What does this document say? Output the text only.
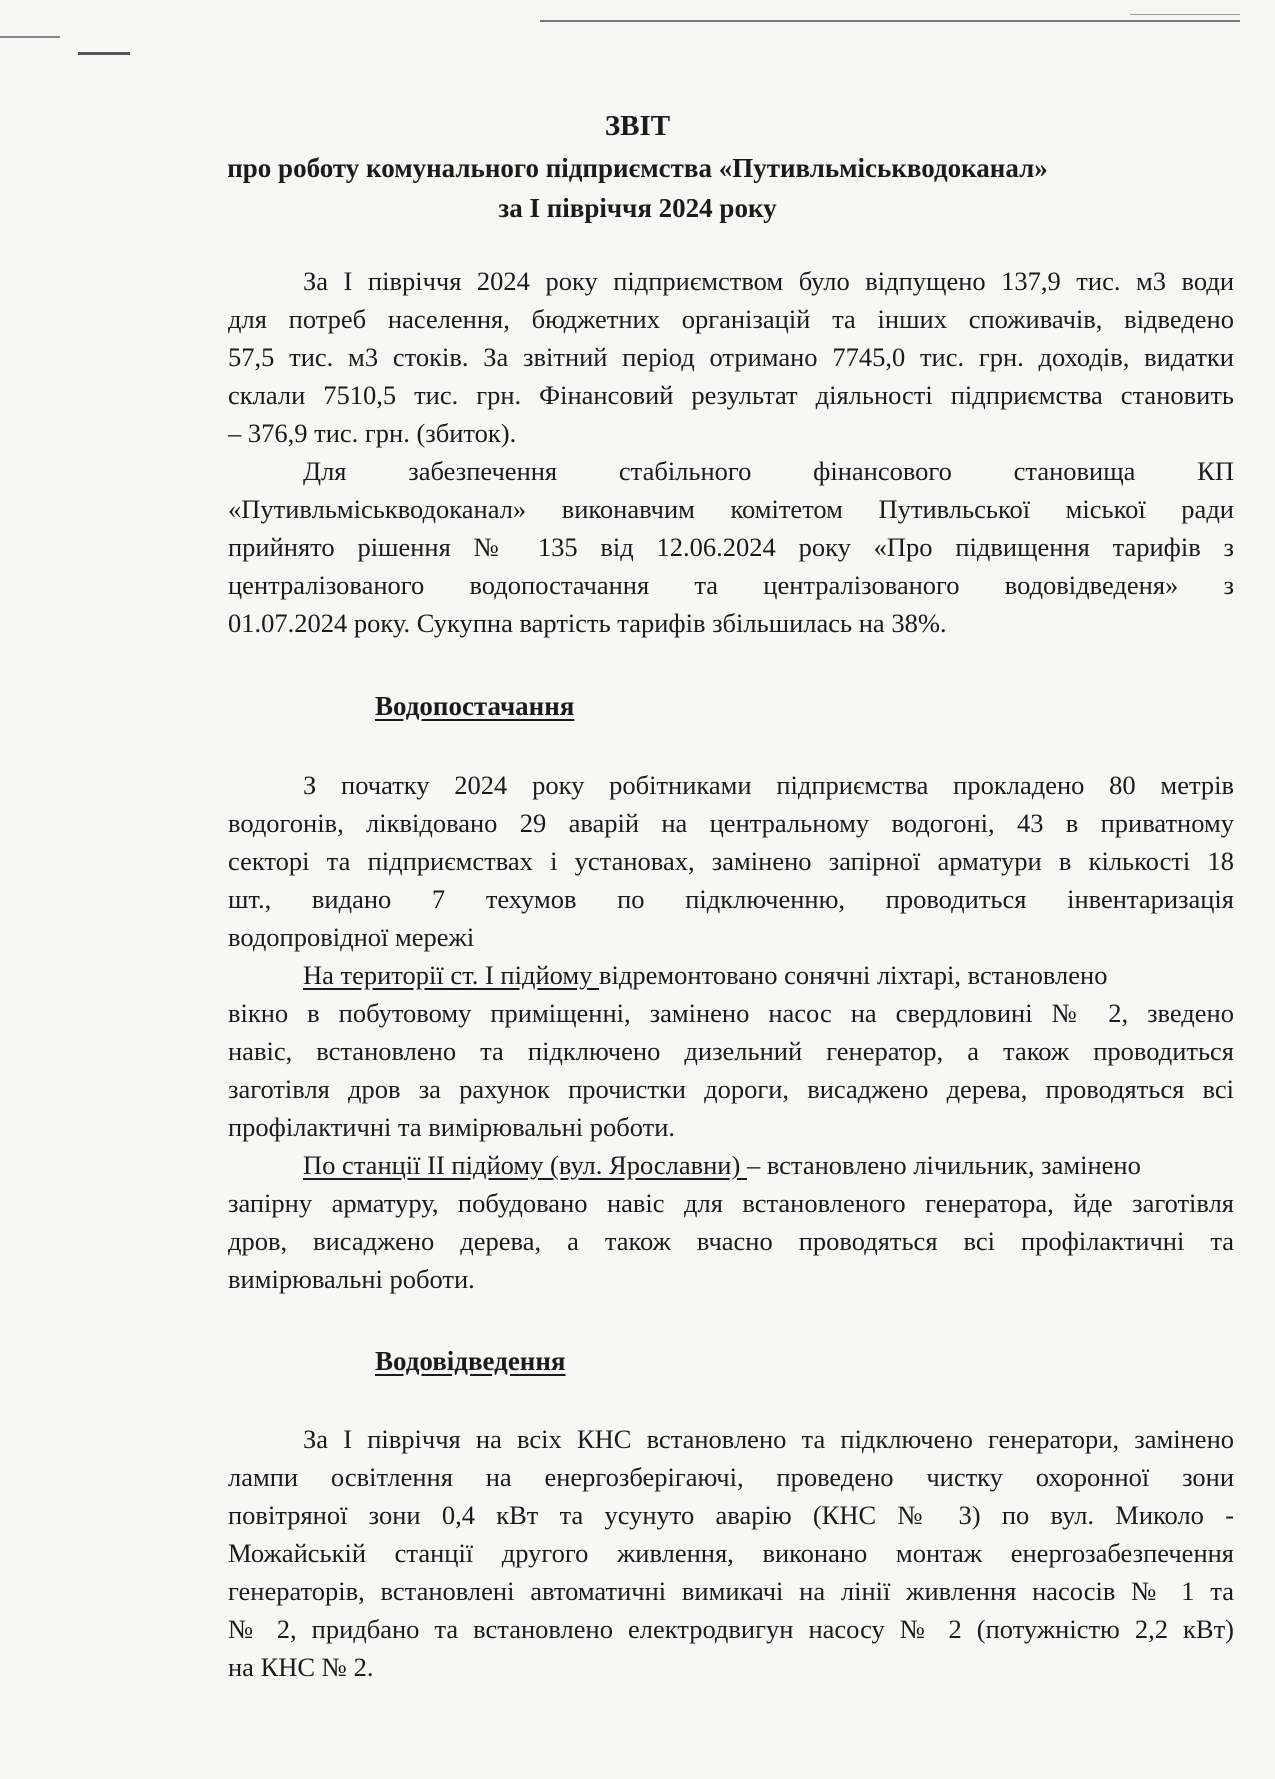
ЗВІТ
про роботу комунального підприємства «Путивльміськводоканал»
за І півріччя 2024 року
За І півріччя 2024 року підприємством було відпущено 137,9 тис. м3 води
для потреб населення, бюджетних організацій та інших споживачів, відведено
57,5 тис. м3 стоків. За звітний період отримано 7745,0 тис. грн. доходів, видатки
склали 7510,5 тис. грн. Фінансовий результат діяльності підприємства становить
– 376,9 тис. грн. (збиток).
Для забезпечення стабільного фінансового становища КП
«Путивльміськводоканал» виконавчим комітетом Путивльської міської ради
прийнято рішення № 135 від 12.06.2024 року «Про підвищення тарифів з
централізованого водопостачання та централізованого водовідведеня» з
01.07.2024 року. Сукупна вартість тарифів збільшилась на 38%.
Водопостачання
З початку 2024 року робітниками підприємства прокладено 80 метрів
водогонів, ліквідовано 29 аварій на центральному водогоні, 43 в приватному
секторі та підприємствах і установах, замінено запірної арматури в кількості 18
шт., видано 7 техумов по підключенню, проводиться інвентаризація
водопровідної мережі
На території ст. І підйому відремонтовано сонячні ліхтарі, встановлено
вікно в побутовому приміщенні, замінено насос на свердловині № 2, зведено
навіс, встановлено та підключено дизельний генератор, а також проводиться
заготівля дров за рахунок прочистки дороги, висаджено дерева, проводяться всі
профілактичні та вимірювальні роботи.
По станції ІІ підйому (вул. Ярославни) – встановлено лічильник, замінено
запірну арматуру, побудовано навіс для встановленого генератора, йде заготівля
дров, висаджено дерева, а також вчасно проводяться всі профілактичні та
вимірювальні роботи.
Водовідведення
За І півріччя на всіх КНС встановлено та підключено генератори, замінено
лампи освітлення на енергозберігаючі, проведено чистку охоронної зони
повітряної зони 0,4 кВт та усунуто аварію (КНС № 3) по вул. Миколо -
Можайській станції другого живлення, виконано монтаж енергозабезпечення
генераторів, встановлені автоматичні вимикачі на лінії живлення насосів № 1 та
№ 2, придбано та встановлено електродвигун насосу № 2 (потужністю 2,2 кВт)
на КНС № 2.
